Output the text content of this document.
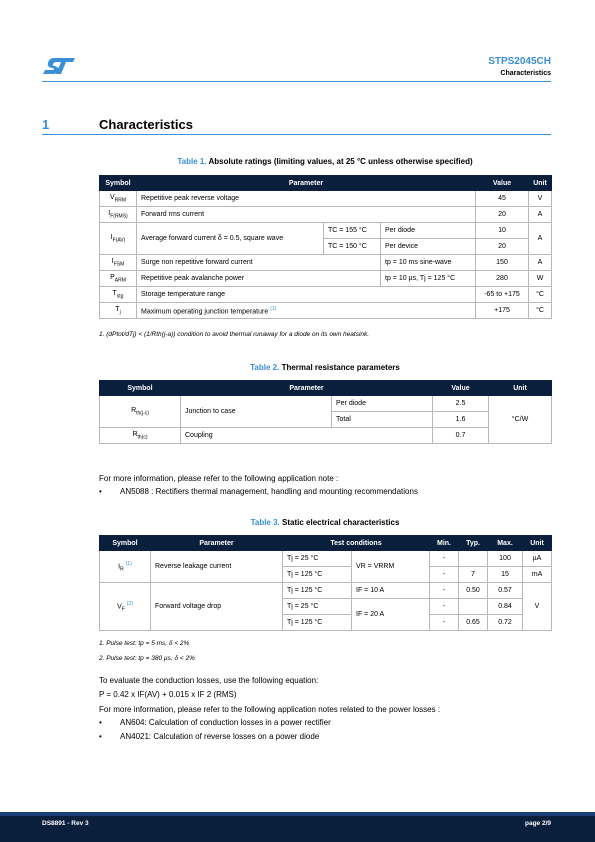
STPS2045CH
Characteristics
1	Characteristics
Table 1. Absolute ratings (limiting values, at 25 °C unless otherwise specified)
Symbol	Parameter			Value	Unit
$V_{RRM}$	Repetitive peak reverse voltage			45	V
$I_{F(RMS)}$	Forward rms current			20	A
$I_{F(AV)}$	Average forward current δ = 0.5, square wave	TC = 155 °C	Per diode	10	A
		TC = 150 °C	Per device	20	
$I_{FSM}$	Surge non repetitive forward current		tp = 10 ms sine-wave	150	A
$P_{ARM}$	Repetitive peak avalanche power		tp = 10 µs, Tj = 125 °C	280	W
$T_{stg}$	Storage temperature range			-65 to +175	°C
$T_j$	Maximum operating junction temperature $^{(1)}$			+175	°C
1. (dPtot/dTj) < (1/Rth(j-a)) condition to avoid thermal runaway for a diode on its own heatsink.
Table 2. Thermal resistance parameters
Symbol	Parameter		Value	Unit
$R_{th(j-c)}$	Junction to case	Per diode	2.5	°C/W
		Total	1.6	
$R_{th(c)}$	Coupling		0.7	
For more information, please refer to the following application note :
• AN5088 : Rectifiers thermal management, handling and mounting recommendations
Table 3. Static electrical characteristics
Symbol	Parameter	Test conditions		Min.	Typ.	Max.	Unit
$I_R$ $^{(1)}$	Reverse leakage current	Tj = 25 °C	VR = VRRM	-		100	µA
		Tj = 125 °C		-	7	15	mA
$V_F$ $^{(2)}$	Forward voltage drop	Tj = 125 °C	IF = 10 A	-	0.50	0.57	V
		Tj = 25 °C	IF = 20 A	-		0.84	
		Tj = 125 °C		-	0.65	0.72	
1. Pulse test: tp = 5 ms, δ < 2%
2. Pulse test: tp = 380 µs, δ < 2%
To evaluate the conduction losses, use the following equation:
P = 0.42 x IF(AV) + 0.015 x IF 2 (RMS)
For more information, please refer to the following application notes related to the power losses :
• AN604: Calculation of conduction losses in a power rectifier
• AN4021: Calculation of reverse losses on a power diode
DS8891 - Rev 3	page 2/9
